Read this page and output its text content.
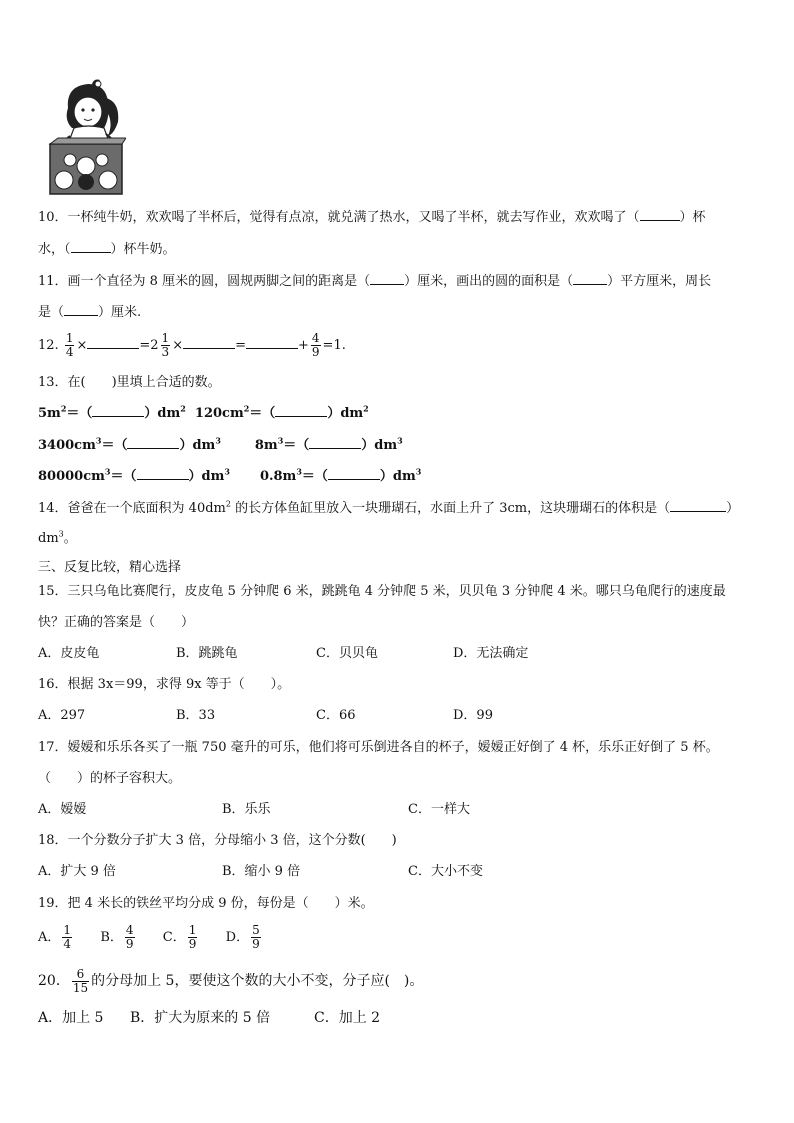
10．一杯纯牛奶，欢欢喝了半杯后，觉得有点凉，就兑满了热水，又喝了半杯，就去写作业，欢欢喝了（	）杯
水，（	）杯牛奶。
11．画一个直径为 8 厘米的圆，圆规两脚之间的距离是（	）厘米，画出的圆的面积是（	）平方厘米，周长
是（	）厘米.
12. $\frac{1}{4}$ ×	$=2 \frac{1}{3}$ ×	=	+ $\frac{4}{9} =1$.
13．在(　　)里填上合适的数。
$5m^2=$（	）$dm^2$ $120cm^2=$（	）$dm^2$
$3400cm^3=$（	）$dm^3$	$8m^3=$（	）$dm^3$
$80000cm^3=$（	）$dm^3$ $0.8m^3=$（	）$dm^3$
14．爸爸在一个底面积为 $40dm^2$ 的长方体鱼缸里放入一块珊瑚石，水面上升了 3cm，这块珊瑚石的体积是（	）
$dm^3$。
三、反复比较，精心选择
15．三只乌龟比赛爬行，皮皮龟 5 分钟爬 6 米，跳跳龟 4 分钟爬 5 米，贝贝龟 3 分钟爬 4 米。哪只乌龟爬行的速度最
快？正确的答案是（　　）
A．皮皮龟	B．跳跳龟	C．贝贝龟	D．无法确定
16．根据 3x＝99，求得 9x 等于（　　）。
A．297	B．33	C．66	D．99
17．嫒嫒和乐乐各买了一瓶 750 毫升的可乐，他们将可乐倒进各自的杯子，嫒嫒正好倒了 4 杯，乐乐正好倒了 5 杯。
（　　）的杯子容积大。
A．嫒嫒	B．乐乐	C．一样大
18．一个分数分子扩大 3 倍，分母缩小 3 倍，这个分数(　　)
A．扩大 9 倍	B．缩小 9 倍	C．大小不变
19．把 4 米长的铁丝平均分成 9 份，每份是（　　）米。
A． $\frac{1}{4}$ B． $\frac{4}{9}$ C． $\frac{1}{9}$ D． $\frac{5}{9}$
20． $\frac{6}{15}$ 的分母加上 5，要使这个数的大小不变，分子应(　)。
A．加上 5 B．扩大为原来的 5 倍	C．加上 2
